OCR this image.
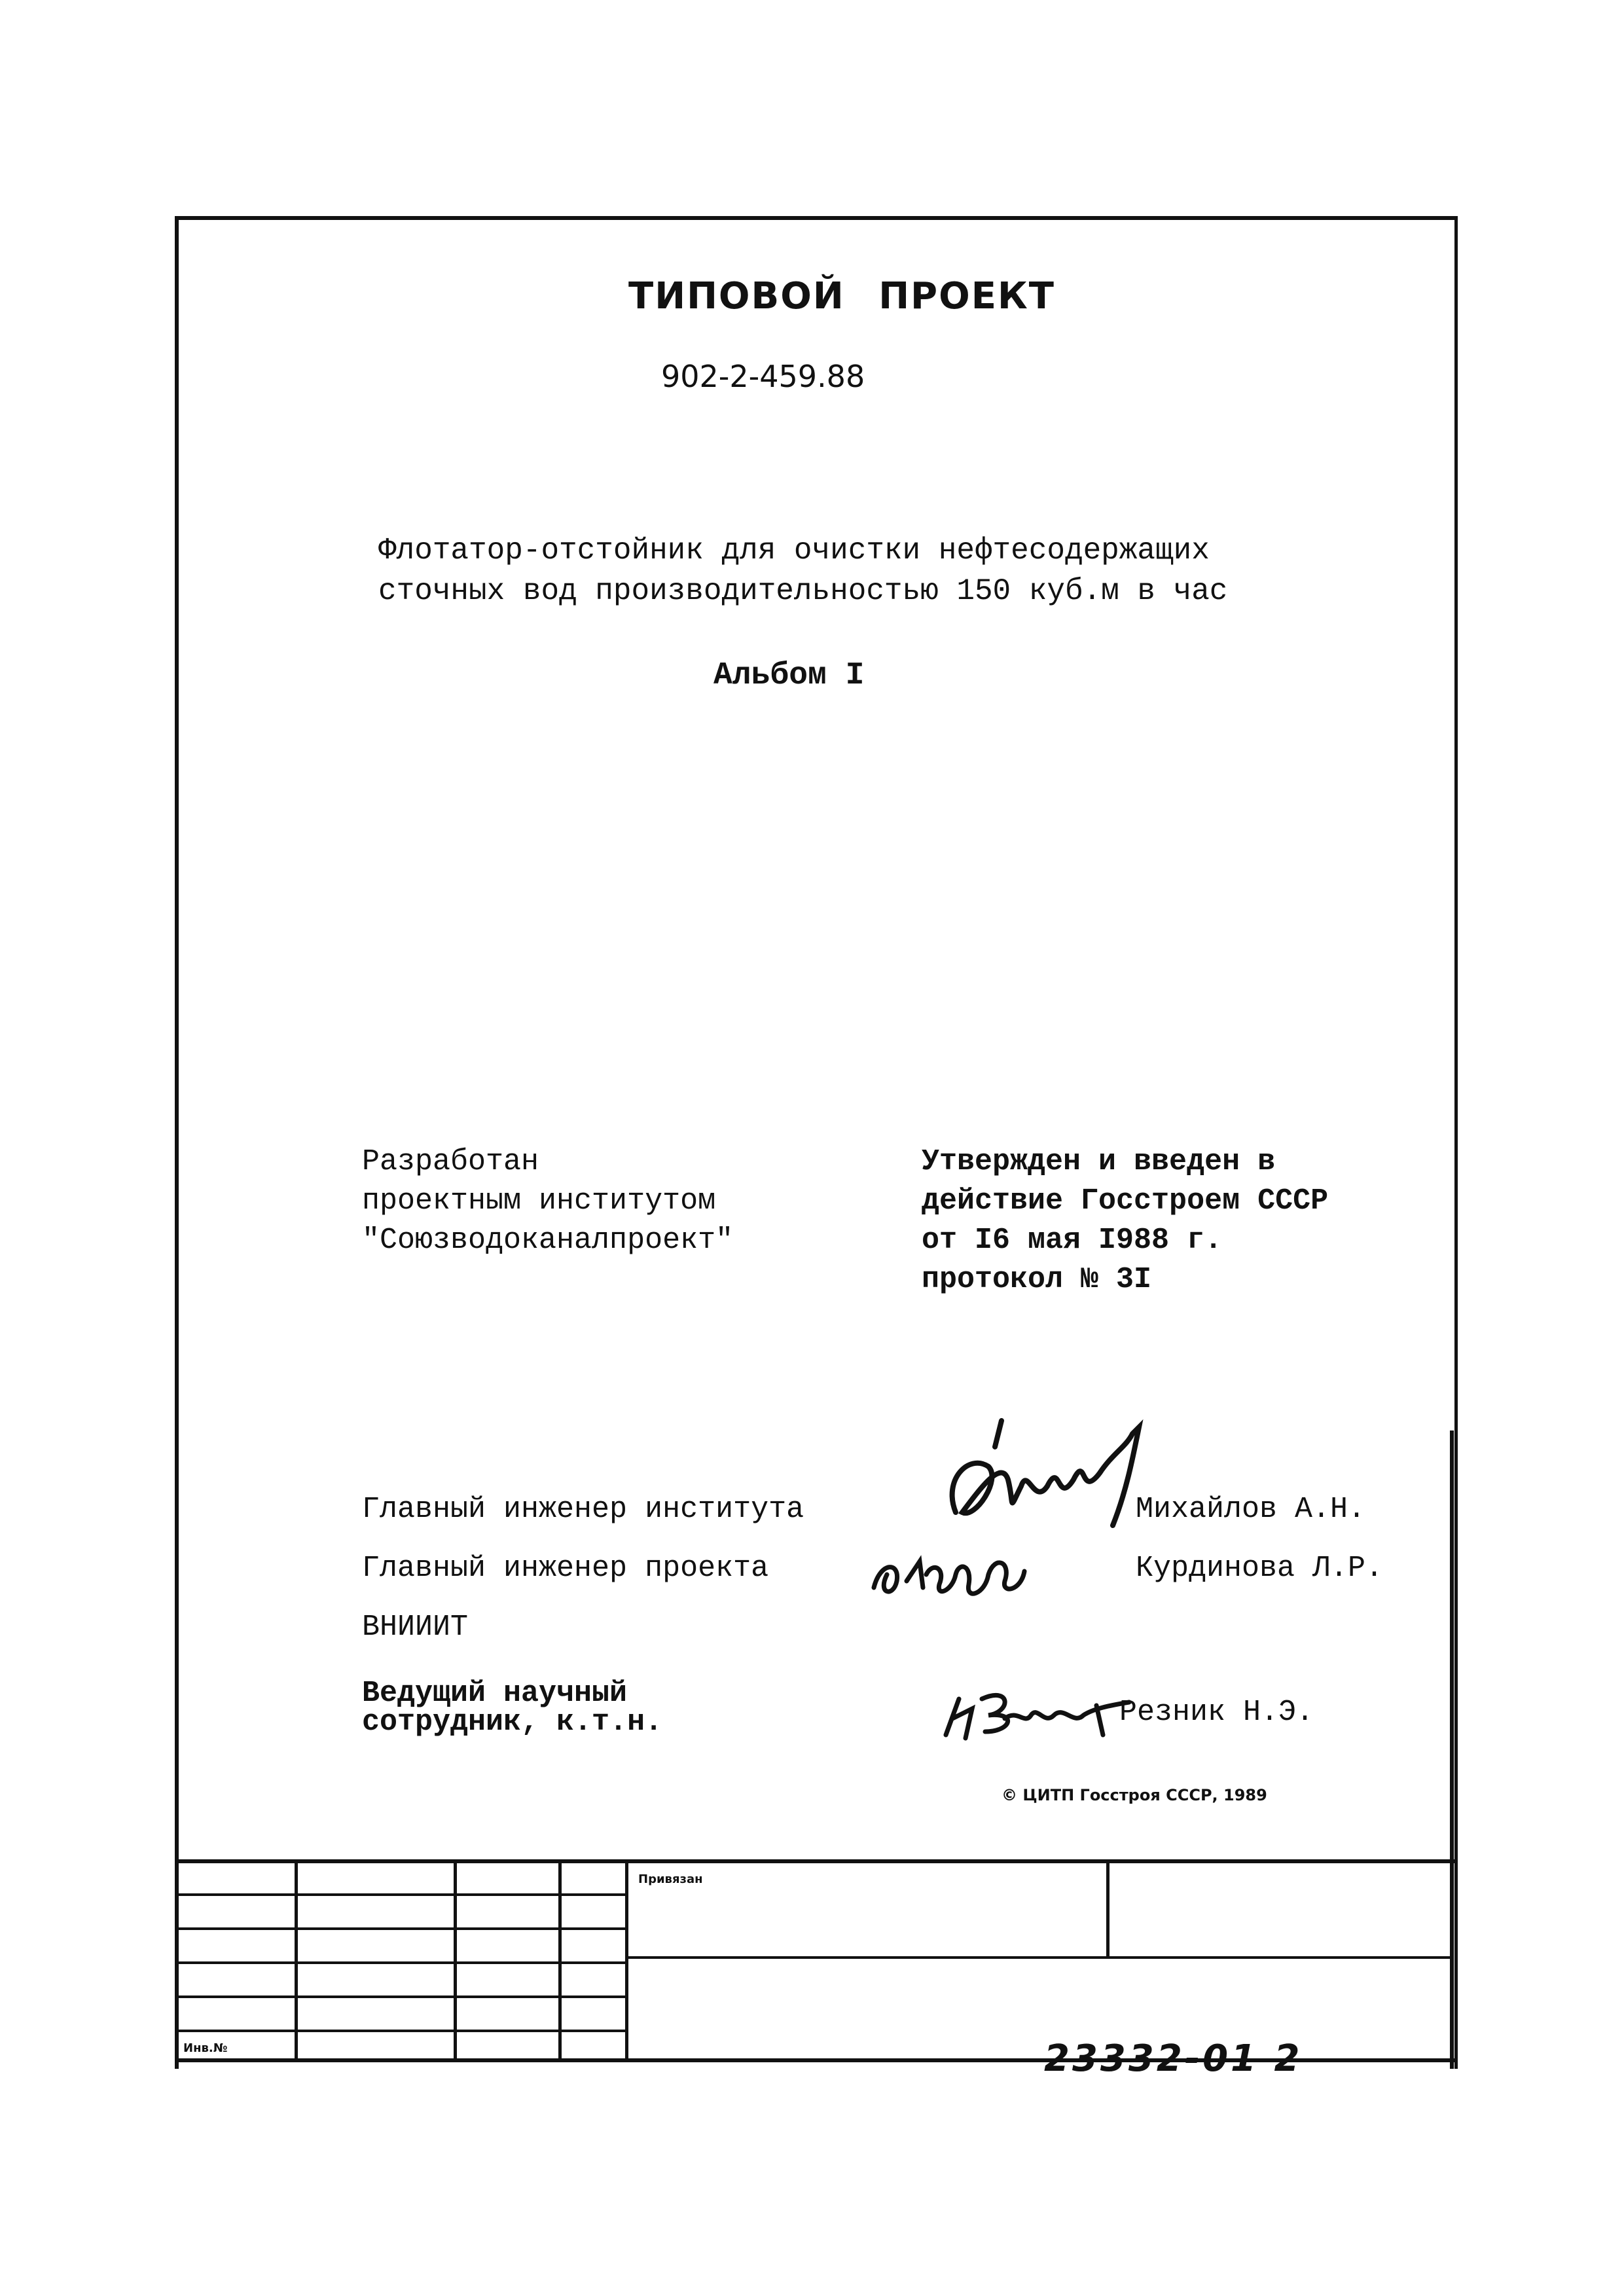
ТИПОВОЙ ПРОЕКТ
902-2-459.88
Флотатор-отстойник для очистки нефтесодержащих
сточных вод производительностью 150 куб.м в час
Альбом I
Разработан
проектным институтом
"Союзводоканалпроект"
Утвержден и введен в
действие Госстроем СССР
от I6 мая I988 г.
протокол № 3I
Главный инженер института	Михайлов А.Н.
Главный инженер проекта	Курдинова Л.Р.
ВНИИИТ
Ведущий научный
сотрудник, к.т.н.	Резник Н.Э.
© ЦИТП Госстроя СССР, 1989
Привязан
Инв.№	23332-01 2
